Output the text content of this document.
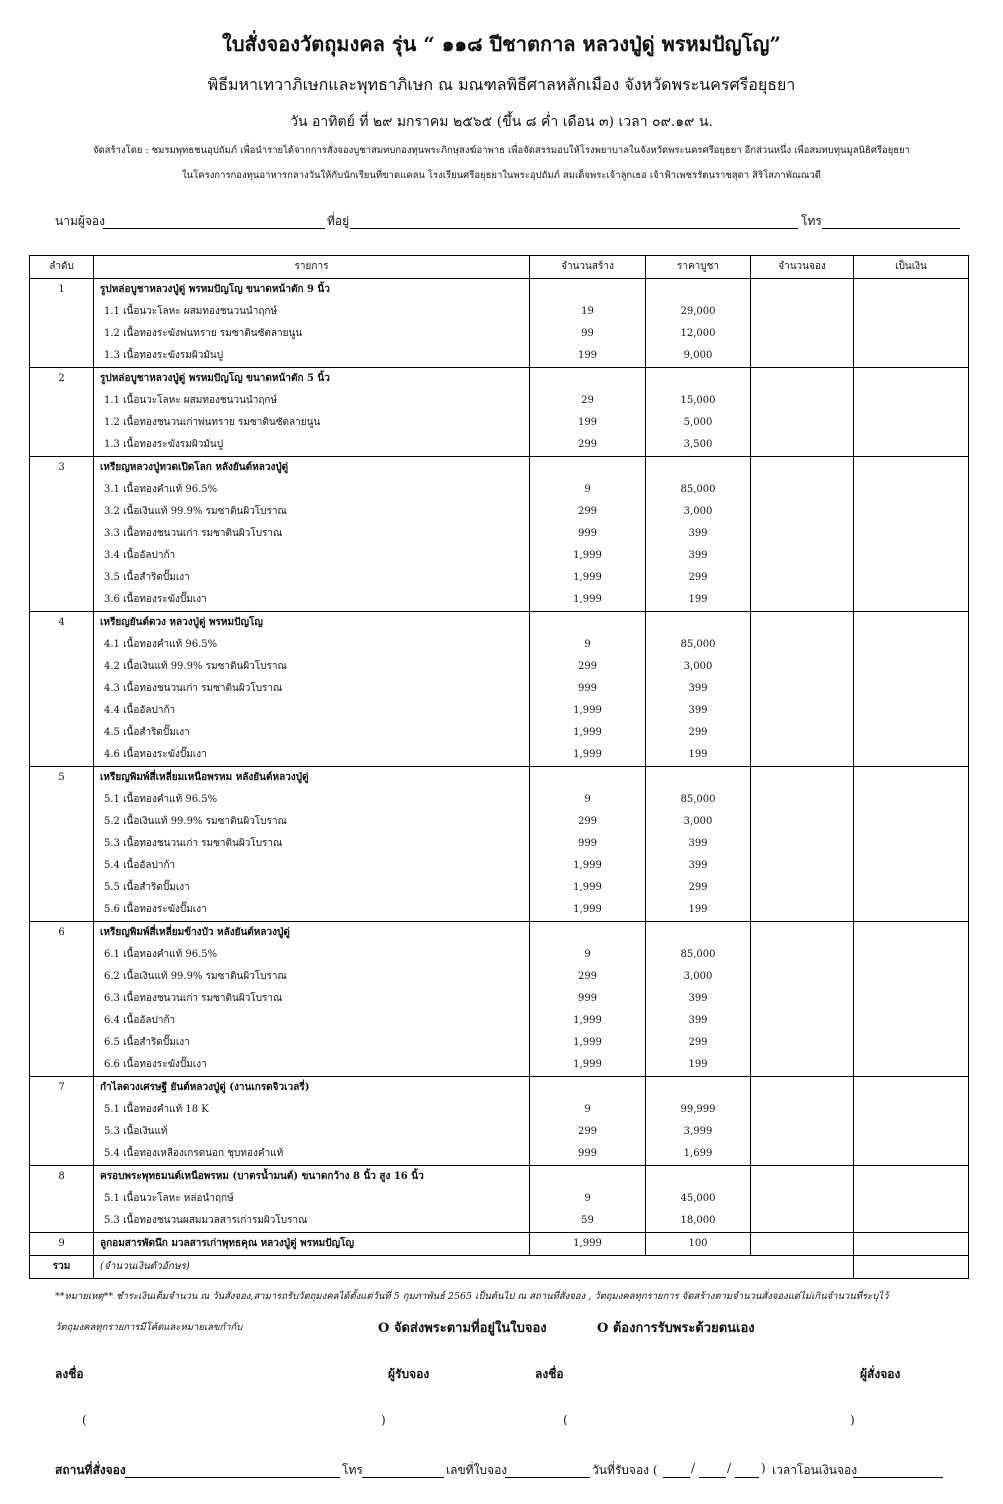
ใบสั่งจองวัตถุมงคล รุ่น “ ๑๑๘ ปีชาตกาล หลวงปู่ดู่ พรหมปัญโญ”
พิธีมหาเทวาภิเษกและพุทธาภิเษก ณ มณฑลพิธีศาลหลักเมือง จังหวัดพระนครศรีอยุธยา
วัน อาทิตย์ ที่ ๒๙ มกราคม ๒๕๖๕ (ขึ้น ๘ ค่ำ เดือน ๓) เวลา ๐๙.๑๙ น.
จัดสร้างโดย : ชมรมพุทธชนอุปถัมภ์ เพื่อนำรายได้จากการสั่งจองบูชาสมทบกองทุนพระภิกษุสงฆ์อาพาธ เพื่อจัดสรรมอบให้โรงพยาบาลในจังหวัดพระนครศรีอยุธยา อีกส่วนหนึ่ง เพื่อสมทบทุนมูลนิธิศรีอยุธยา
ในโครงการกองทุนอาหารกลางวันให้กับนักเรียนที่ขาดแคลน โรงเรียนศรีอยุธยาในพระอุปถัมภ์ สมเด็จพระเจ้าลูกเธอ เจ้าฟ้าเพชรรัตนราชสุดา สิริโสภาพัณณวดี
นามผู้จอง	ที่อยู่	โทร
ลำดับ	รายการ	จำนวนสร้าง	ราคาบูชา	จำนวนจอง	เป็นเงิน
1	รูปหล่อบูชาหลวงปู่ดู่ พรหมปัญโญ ขนาดหน้าตัก 9 นิ้ว				
	1.1 เนื้อนวะโลหะ ผสมทองชนวนนำฤกษ์	19	29,000		
	1.2 เนื้อทองระฆังพ่นทราย รมซาตินซัตลายนูน	99	12,000		
	1.3 เนื้อทองระฆังรมผิวมันปู	199	9,000		
2	รูปหล่อบูชาหลวงปู่ดู่ พรหมปัญโญ ขนาดหน้าตัก 5 นิ้ว				
	1.1 เนื้อนวะโลหะ ผสมทองชนวนนำฤกษ์	29	15,000		
	1.2 เนื้อทองชนวนเก่าพ่นทราย รมซาตินซัตลายนูน	199	5,000		
	1.3 เนื้อทองระฆังรมผิวมันปู	299	3,500		
3	เหรียญหลวงปู่ทวดเปิดโลก หลังยันต์หลวงปู่ดู่				
	3.1 เนื้อทองคำแท้ 96.5%	9	85,000		
	3.2 เนื้อเงินแท้ 99.9% รมซาตินผิวโบราณ	299	3,000		
	3.3 เนื้อทองชนวนเก่า รมซาตินผิวโบราณ	999	399		
	3.4 เนื้ออัลปาก้า	1,999	399		
	3.5 เนื้อสำริดปั๊มเงา	1,999	299		
	3.6 เนื้อทองระฆังปั๊มเงา	1,999	199		
4	เหรียญยันต์ดวง หลวงปู่ดู่ พรหมปัญโญ				
	4.1 เนื้อทองคำแท้ 96.5%	9	85,000		
	4.2 เนื้อเงินแท้ 99.9% รมซาตินผิวโบราณ	299	3,000		
	4.3 เนื้อทองชนวนเก่า รมซาตินผิวโบราณ	999	399		
	4.4 เนื้ออัลปาก้า	1,999	399		
	4.5 เนื้อสำริดปั๊มเงา	1,999	299		
	4.6 เนื้อทองระฆังปั๊มเงา	1,999	199		
5	เหรียญพิมพ์สี่เหลี่ยมเหนือพรหม หลังยันต์หลวงปู่ดู่				
	5.1 เนื้อทองคำแท้ 96.5%	9	85,000		
	5.2 เนื้อเงินแท้ 99.9% รมซาตินผิวโบราณ	299	3,000		
	5.3 เนื้อทองชนวนเก่า รมซาตินผิวโบราณ	999	399		
	5.4 เนื้ออัลปาก้า	1,999	399		
	5.5 เนื้อสำริดปั๊มเงา	1,999	299		
	5.6 เนื้อทองระฆังปั๊มเงา	1,999	199		
6	เหรียญพิมพ์สี่เหลี่ยมข้างบัว หลังยันต์หลวงปู่ดู่				
	6.1 เนื้อทองคำแท้ 96.5%	9	85,000		
	6.2 เนื้อเงินแท้ 99.9% รมซาตินผิวโบราณ	299	3,000		
	6.3 เนื้อทองชนวนเก่า รมซาตินผิวโบราณ	999	399		
	6.4 เนื้ออัลปาก้า	1,999	399		
	6.5 เนื้อสำริดปั๊มเงา	1,999	299		
	6.6 เนื้อทองระฆังปั๊มเงา	1,999	199		
7	กำไลดวงเศรษฐี ยันต์หลวงปู่ดู่ (งานเกรดจิวเวลรี่)				
	5.1 เนื้อทองคำแท้ 18 K	9	99,999		
	5.3 เนื้อเงินแท้	299	3,999		
	5.4 เนื้อทองเหลืองเกรดนอก ชุบทองคำแท้	999	1,699		
8	ครอบพระพุทธมนต์เหนือพรหม (บาตรน้ำมนต์) ขนาดกว้าง 8 นิ้ว สูง 16 นิ้ว				
	5.1 เนื้อนวะโลหะ หล่อนำฤกษ์	9	45,000		
	5.3 เนื้อทองชนวนผสมมวลสารเก่ารมผิวโบราณ	59	18,000		
9	ลูกอมสารพัดนึก มวลสารเก่าพุทธคุณ หลวงปู่ดู่ พรหมปัญโญ	1,999	100		
รวม	(จำนวนเงินตัวอักษร)				
**หมายเหตุ** ชำระเงินเต็มจำนวน ณ วันสั่งจอง,สามารถรับวัตถุมงคลได้ตั้งแต่วันที่ 5 กุมภาพันธ์ 2565 เป็นต้นไป ณ สถานที่สั่งจอง , วัตถุมงคลทุกรายการ จัดสร้างตามจำนวนสั่งจองแต่ไม่เกินจำนวนที่ระบุไว้
วัตถุมงคลทุกรายการมีโค้ดและหมายเลขกำกับ	O จัดส่งพระตามที่อยู่ในใบจอง	O ต้องการรับพระด้วยตนเอง
ลงชื่อ	ผู้รับจอง	ลงชื่อ	ผู้สั่งจอง
(	)	(	)
สถานที่สั่งจอง	โทร	เลขที่ใบจอง	วันที่รับจอง (	/	/ ) เวลาโอนเงินจอง
